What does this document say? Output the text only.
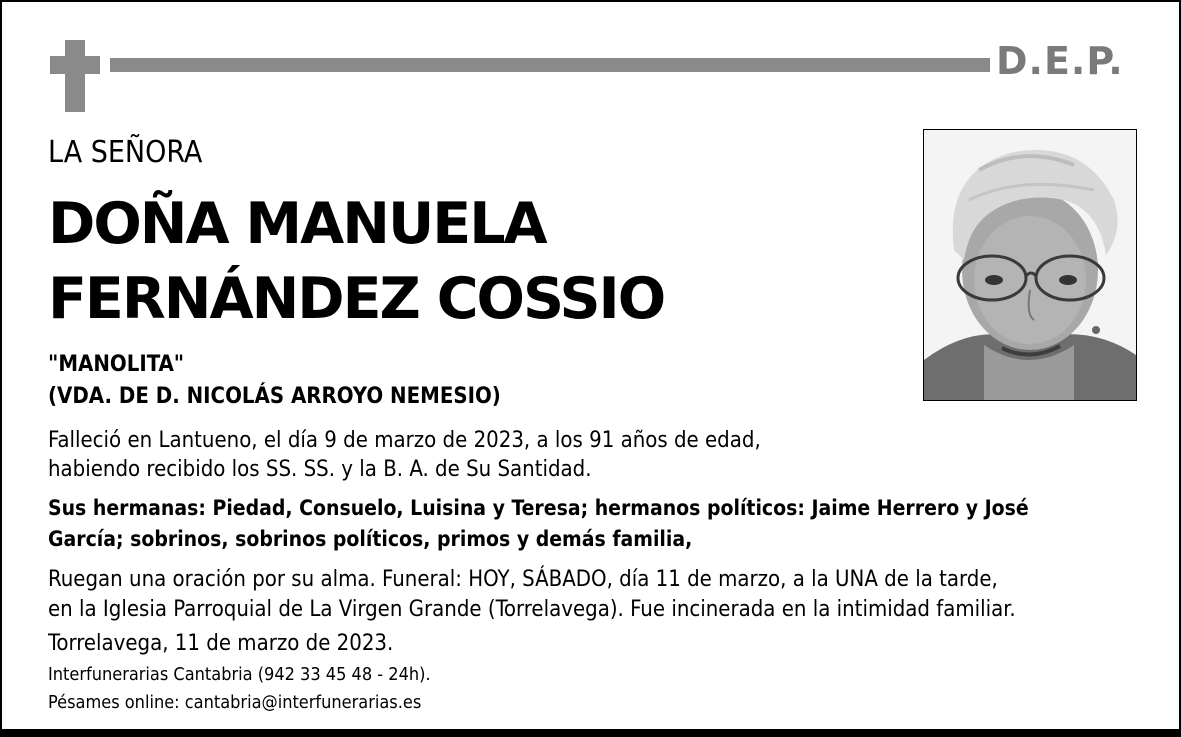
D.E.P.
LA SEÑORA
DOÑA MANUELA
FERNÁNDEZ COSSIO
"MANOLITA"
(VDA. DE D. NICOLÁS ARROYO NEMESIO)
Falleció en Lantueno, el día 9 de marzo de 2023, a los 91 años de edad,
habiendo recibido los SS. SS. y la B. A. de Su Santidad.
Sus hermanas: Piedad, Consuelo, Luisina y Teresa; hermanos políticos: Jaime Herrero y José
García; sobrinos, sobrinos políticos, primos y demás familia,
Ruegan una oración por su alma. Funeral: HOY, SÁBADO, día 11 de marzo, a la UNA de la tarde,
en la Iglesia Parroquial de La Virgen Grande (Torrelavega). Fue incinerada en la intimidad familiar.
Torrelavega, 11 de marzo de 2023.
Interfunerarias Cantabria (942 33 45 48 - 24h).
Pésames online: cantabria@interfunerarias.es
